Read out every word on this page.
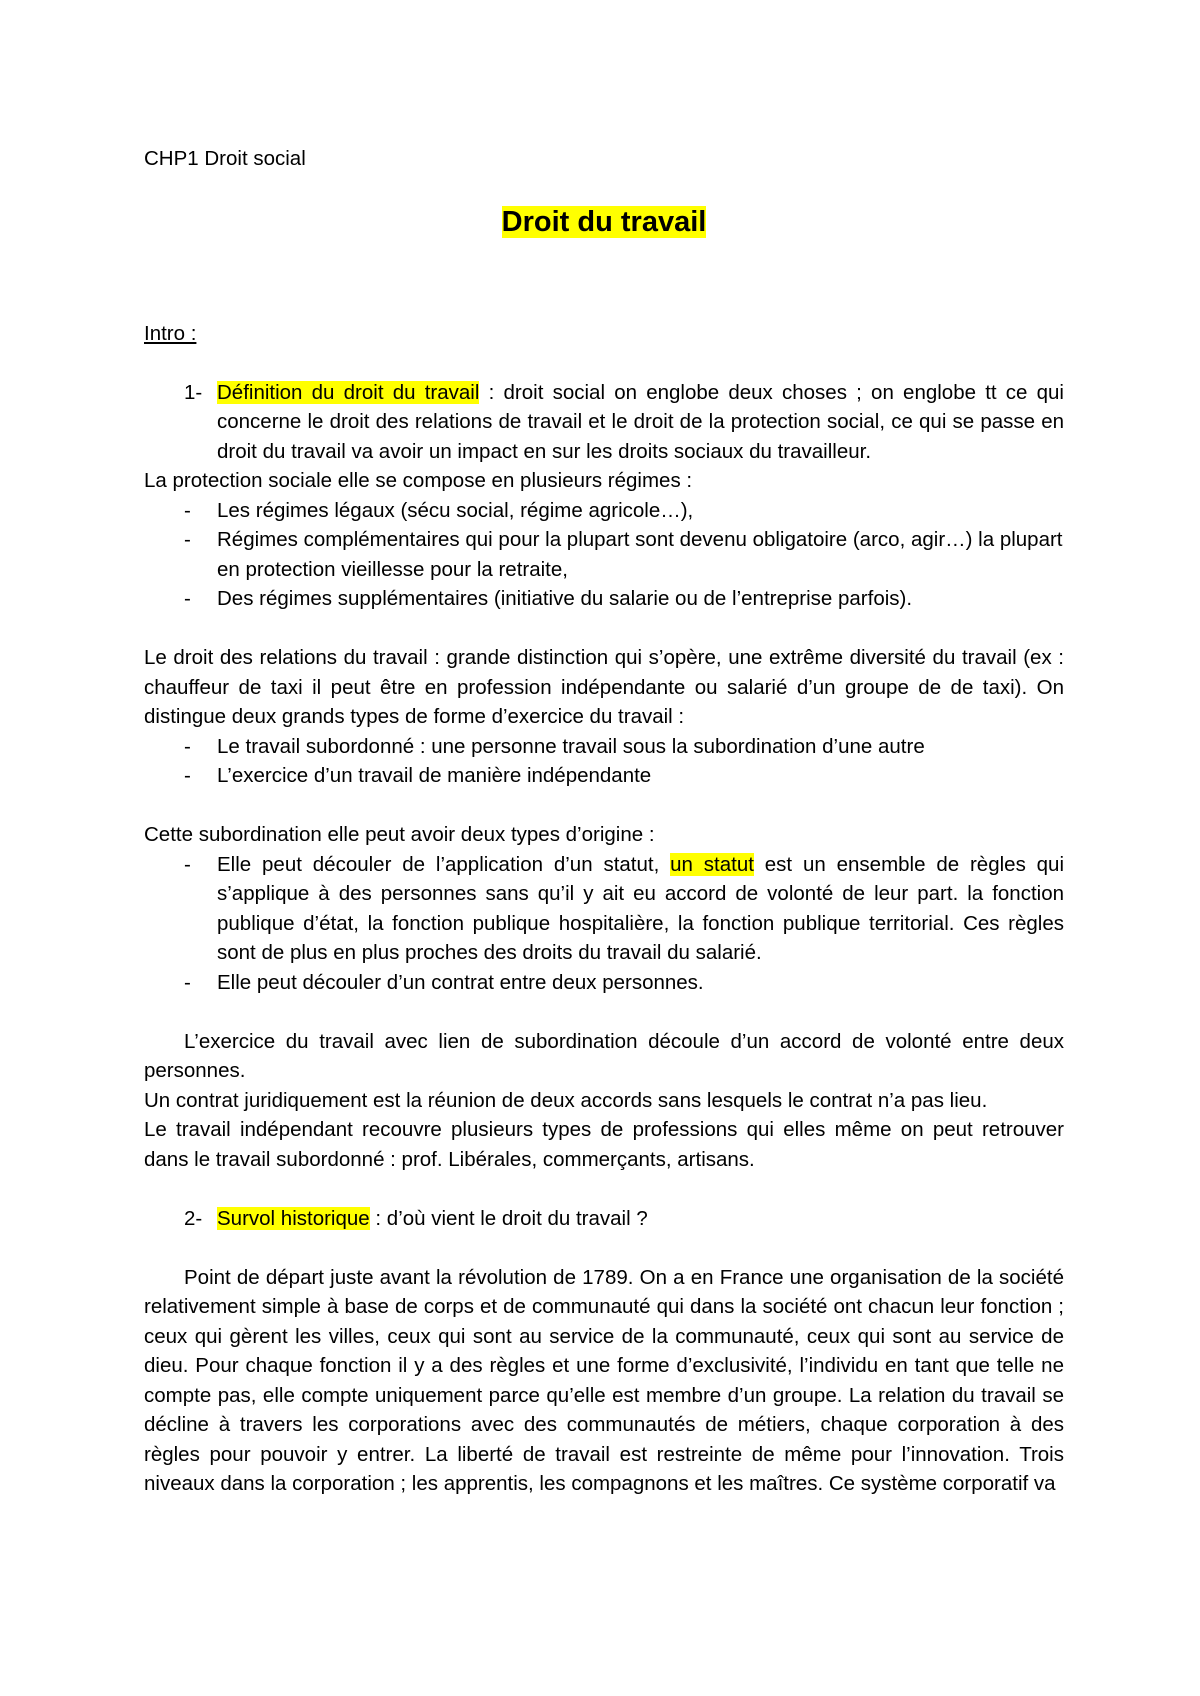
CHP1 Droit social

Droit du travail

Intro :

1- Définition du droit du travail : droit social on englobe deux choses ; on englobe tt ce qui concerne le droit des relations de travail et le droit de la protection social, ce qui se passe en droit du travail va avoir un impact en sur les droits sociaux du travailleur.

La protection sociale elle se compose en plusieurs régimes :

- Les régimes légaux (sécu social, régime agricole…),

- Régimes complémentaires qui pour la plupart sont devenu obligatoire (arco, agir…) la plupart en protection vieillesse pour la retraite,

- Des régimes supplémentaires (initiative du salarie ou de l’entreprise parfois).

Le droit des relations du travail : grande distinction qui s’opère, une extrême diversité du travail (ex : chauffeur de taxi il peut être en profession indépendante ou salarié d’un groupe de de taxi). On distingue deux grands types de forme d’exercice du travail :

- Le travail subordonné : une personne travail sous la subordination d’une autre

- L’exercice d’un travail de manière indépendante

Cette subordination elle peut avoir deux types d’origine :

- Elle peut découler de l’application d’un statut, un statut est un ensemble de règles qui s’applique à des personnes sans qu’il y ait eu accord de volonté de leur part. la fonction publique d’état, la fonction publique hospitalière, la fonction publique territorial. Ces règles sont de plus en plus proches des droits du travail du salarié.

- Elle peut découler d’un contrat entre deux personnes.

L’exercice du travail avec lien de subordination découle d’un accord de volonté entre deux personnes.

Un contrat juridiquement est la réunion de deux accords sans lesquels le contrat n’a pas lieu.

Le travail indépendant recouvre plusieurs types de professions qui elles même on peut retrouver dans le travail subordonné : prof. Libérales, commerçants, artisans.

2- Survol historique : d’où vient le droit du travail ?

Point de départ juste avant la révolution de 1789. On a en France une organisation de la société relativement simple à base de corps et de communauté qui dans la société ont chacun leur fonction ; ceux qui gèrent les villes, ceux qui sont au service de la communauté, ceux qui sont au service de dieu. Pour chaque fonction il y a des règles et une forme d’exclusivité, l’individu en tant que telle ne compte pas, elle compte uniquement parce qu’elle est membre d’un groupe. La relation du travail se décline à travers les corporations avec des communautés de métiers, chaque corporation à des règles pour pouvoir y entrer. La liberté de travail est restreinte de même pour l’innovation. Trois niveaux dans la corporation ; les apprentis, les compagnons et les maîtres. Ce système corporatif va
